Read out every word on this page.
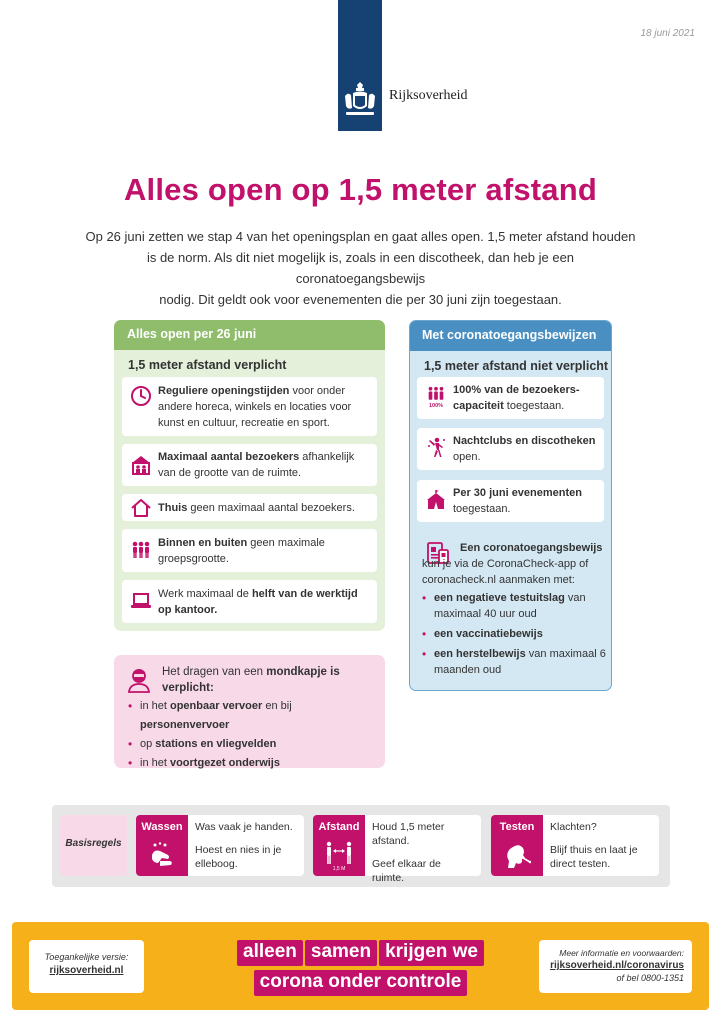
18 juni 2021
Rijksoverheid
Alles open op 1,5 meter afstand

Op 26 juni zetten we stap 4 van het openingsplan en gaat alles open. 1,5 meter afstand houden

is de norm. Als dit niet mogelijk is, zoals in een discotheek, dan heb je een coronatoegangsbewijs

nodig. Dit geldt ook voor evenementen die per 30 juni zijn toegestaan.

Alles open per 26 juni
1,5 meter afstand verplicht
Reguliere openingstijden voor onder andere horeca, winkels en locaties voor kunst en cultuur, recreatie en sport.
Maximaal aantal bezoekers afhankelijk van de grootte van de ruimte.
Thuis geen maximaal aantal bezoekers.
Binnen en buiten geen maximale groepsgrootte.
Werk maximaal de helft van de werktijd op kantoor.
Met coronatoegangsbewijzen
1,5 meter afstand niet verplicht
100%
100% van de bezoekers-capaciteit toegestaan.
Nachtclubs en discotheken open.
Per 30 juni evenementen toegestaan.
Een coronatoegangsbewijs kun je via de CoronaCheck-app of coronacheck.nl aanmaken met:
• een negatieve testuitslag van maximaal 40 uur oud
• een vaccinatiebewijs
• een herstelbewijs van maximaal 6 maanden oud
Het dragen van een mondkapje is verplicht:
• in het openbaar vervoer en bij personenvervoer
• op stations en vliegvelden
• in het voortgezet onderwijs
Basisregels
Wassen	Was vaak je handen.
Hoest en nies in je elleboog.
Afstand
1,5 M
Houd 1,5 meter afstand.
Geef elkaar de ruimte.
Testen	Klachten?
Blijf thuis en laat je direct testen.
Toegankelijke versie:
rijksoverheid.nl
alleen samen krijgen we
corona onder controle
Meer informatie en voorwaarden:
rijksoverheid.nl/coronavirus
of bel 0800-1351
